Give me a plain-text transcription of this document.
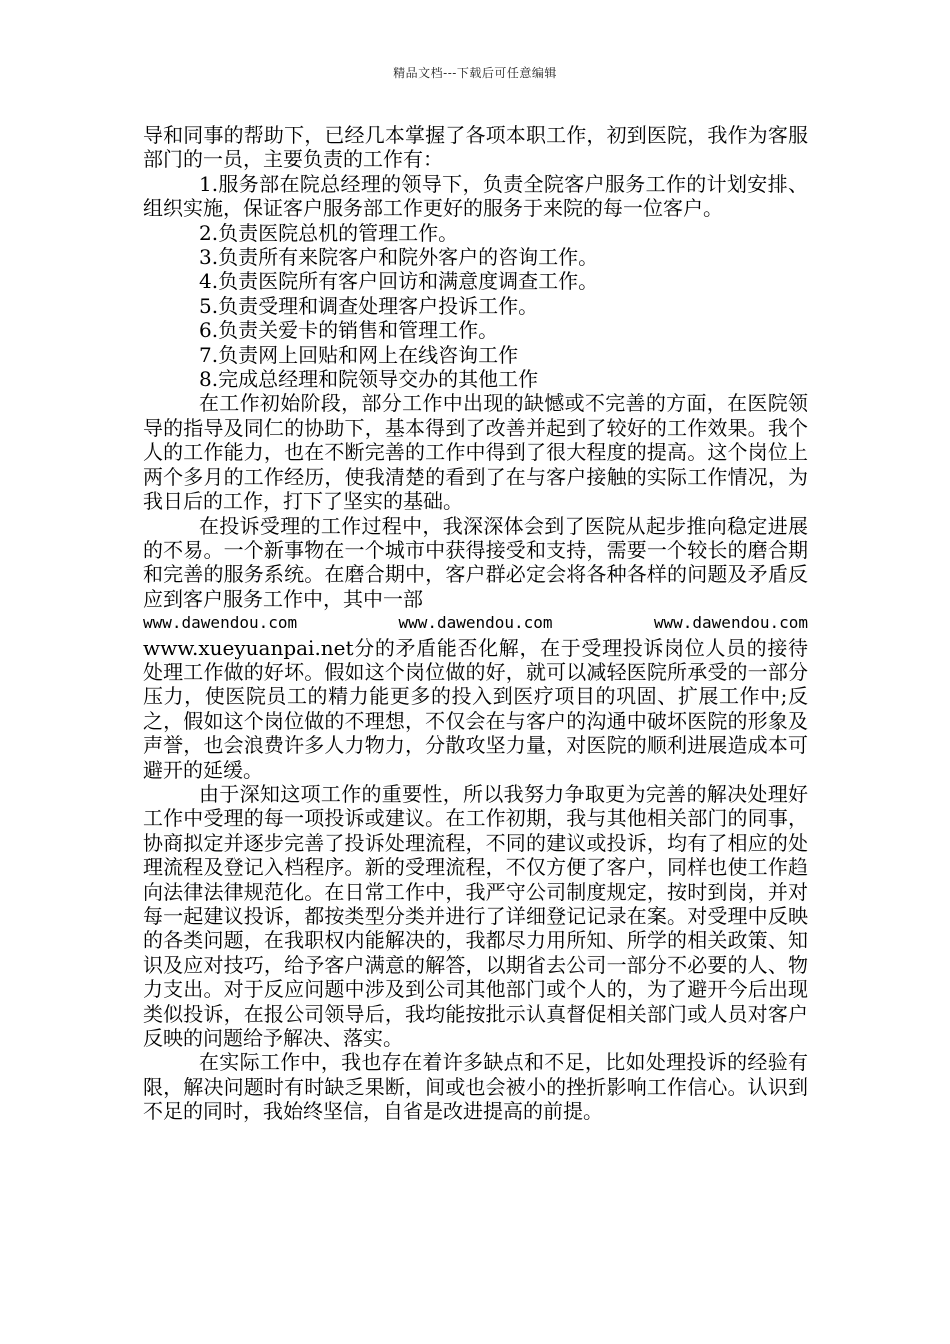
精品文档---下载后可任意编辑

导和同事的帮助下，已经几本掌握了各项本职工作，初到医院，我作为客服部门的一员，主要负责的工作有：

1.服务部在院总经理的领导下，负责全院客户服务工作的计划安排、组织实施，保证客户服务部工作更好的服务于来院的每一位客户。

2.负责医院总机的管理工作。

3.负责所有来院客户和院外客户的咨询工作。

4.负责医院所有客户回访和满意度调查工作。

5.负责受理和调查处理客户投诉工作。

6.负责关爱卡的销售和管理工作。

7.负责网上回贴和网上在线咨询工作

8.完成总经理和院领导交办的其他工作

在工作初始阶段，部分工作中出现的缺憾或不完善的方面，在医院领导的指导及同仁的协助下，基本得到了改善并起到了较好的工作效果。我个人的工作能力，也在不断完善的工作中得到了很大程度的提高。这个岗位上两个多月的工作经历，使我清楚的看到了在与客户接触的实际工作情况，为我日后的工作，打下了坚实的基础。

在投诉受理的工作过程中，我深深体会到了医院从起步推向稳定进展的不易。一个新事物在一个城市中获得接受和支持，需要一个较长的磨合期和完善的服务系统。在磨合期中，客户群必定会将各种各样的问题及矛盾反应到客户服务工作中，其中一部

www.dawendou.com	www.dawendou.com	www.dawendou.com

www.xueyuanpai.net分的矛盾能否化解，在于受理投诉岗位人员的接待处理工作做的好坏。假如这个岗位做的好，就可以减轻医院所承受的一部分压力，使医院员工的精力能更多的投入到医疗项目的巩固、扩展工作中;反之，假如这个岗位做的不理想，不仅会在与客户的沟通中破坏医院的形象及声誉，也会浪费许多人力物力，分散攻坚力量，对医院的顺利进展造成本可避开的延缓。

由于深知这项工作的重要性，所以我努力争取更为完善的解决处理好工作中受理的每一项投诉或建议。在工作初期，我与其他相关部门的同事，协商拟定并逐步完善了投诉处理流程，不同的建议或投诉，均有了相应的处理流程及登记入档程序。新的受理流程，不仅方便了客户，同样也使工作趋向法律法律规范化。在日常工作中，我严守公司制度规定，按时到岗，并对每一起建议投诉，都按类型分类并进行了详细登记记录在案。对受理中反映的各类问题，在我职权内能解决的，我都尽力用所知、所学的相关政策、知识及应对技巧，给予客户满意的解答，以期省去公司一部分不必要的人、物力支出。对于反应问题中涉及到公司其他部门或个人的，为了避开今后出现类似投诉，在报公司领导后，我均能按批示认真督促相关部门或人员对客户反映的问题给予解决、落实。

在实际工作中，我也存在着许多缺点和不足，比如处理投诉的经验有限，解决问题时有时缺乏果断，间或也会被小的挫折影响工作信心。认识到不足的同时，我始终坚信，自省是改进提高的前提。
